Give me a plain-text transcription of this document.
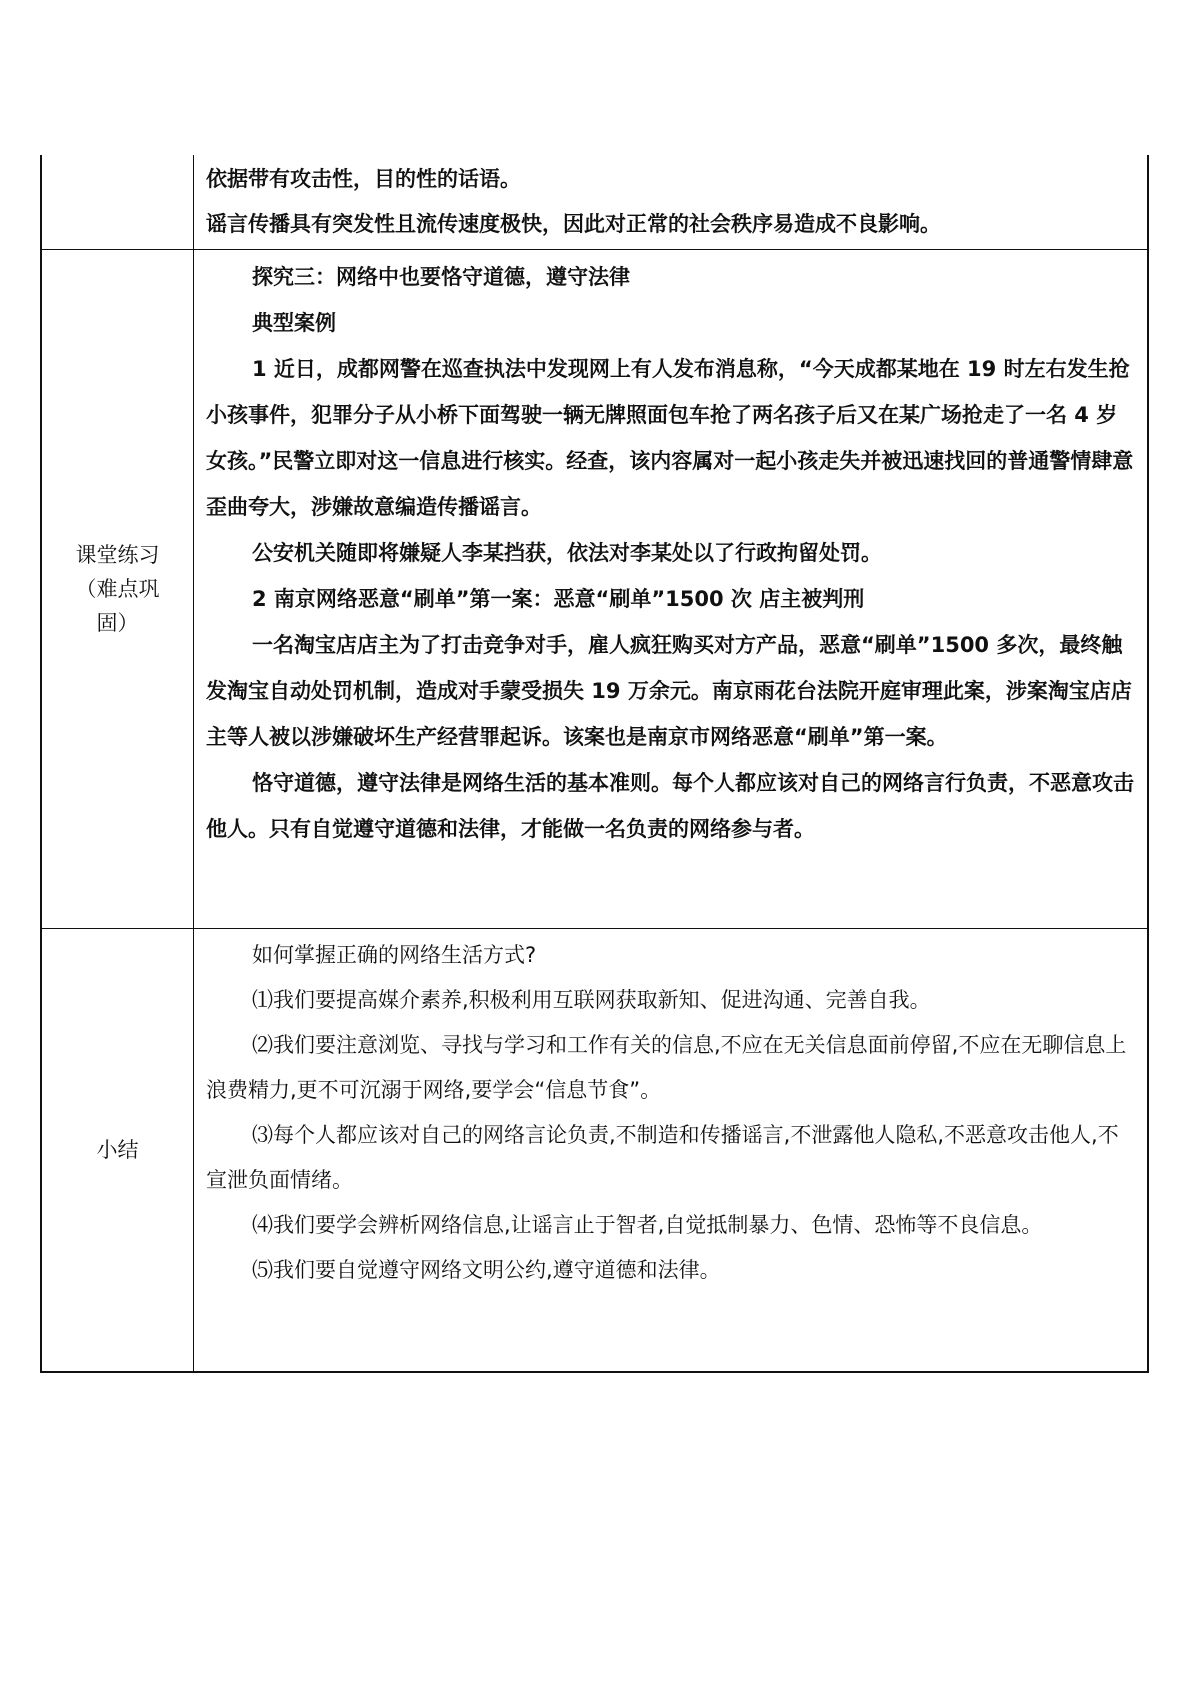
依据带有攻击性，目的性的话语。

谣言传播具有突发性且流传速度极快，因此对正常的社会秩序易造成不良影响。

课堂练习
（难点巩
固）

探究三：网络中也要恪守道德，遵守法律

典型案例

1 近日，成都网警在巡查执法中发现网上有人发布消息称，“今天成都某地在 19 时左右发生抢小孩事件，犯罪分子从小桥下面驾驶一辆无牌照面包车抢了两名孩子后又在某广场抢走了一名 4 岁女孩。”民警立即对这一信息进行核实。经查，该内容属对一起小孩走失并被迅速找回的普通警情肆意歪曲夸大，涉嫌故意编造传播谣言。

公安机关随即将嫌疑人李某挡获，依法对李某处以了行政拘留处罚。

2 南京网络恶意“刷单”第一案：恶意“刷单”1500 次 店主被判刑

一名淘宝店店主为了打击竞争对手，雇人疯狂购买对方产品，恶意“刷单”1500 多次，最终触发淘宝自动处罚机制，造成对手蒙受损失 19 万余元。南京雨花台法院开庭审理此案，涉案淘宝店店主等人被以涉嫌破坏生产经营罪起诉。该案也是南京市网络恶意“刷单”第一案。

恪守道德，遵守法律是网络生活的基本准则。每个人都应该对自己的网络言行负责，不恶意攻击他人。只有自觉遵守道德和法律，才能做一名负责的网络参与者。

小结

如何掌握正确的网络生活方式?

⑴我们要提高媒介素养,积极利用互联网获取新知、促进沟通、完善自我。

⑵我们要注意浏览、寻找与学习和工作有关的信息,不应在无关信息面前停留,不应在无聊信息上浪费精力,更不可沉溺于网络,要学会“信息节食”。

⑶每个人都应该对自己的网络言论负责,不制造和传播谣言,不泄露他人隐私,不恶意攻击他人,不宣泄负面情绪。

⑷我们要学会辨析网络信息,让谣言止于智者,自觉抵制暴力、色情、恐怖等不良信息。

⑸我们要自觉遵守网络文明公约,遵守道德和法律。
